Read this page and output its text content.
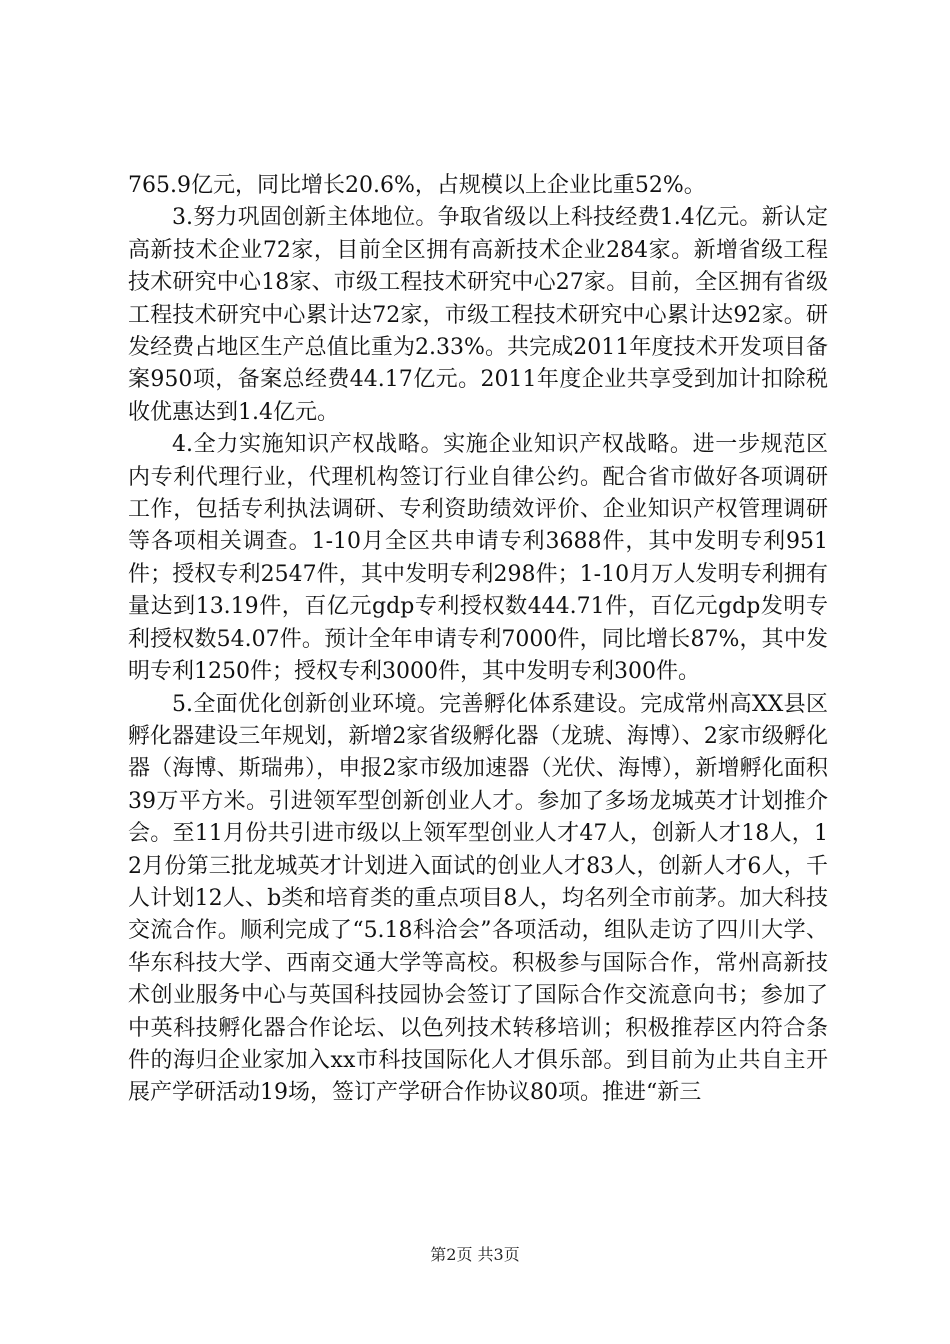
765.9亿元，同比增长20.6%，占规模以上企业比重52%。

3.努力巩固创新主体地位。争取省级以上科技经费1.4亿元。新认定高新技术企业72家，目前全区拥有高新技术企业284家。新增省级工程技术研究中心18家、市级工程技术研究中心27家。目前，全区拥有省级工程技术研究中心累计达72家，市级工程技术研究中心累计达92家。研发经费占地区生产总值比重为2.33%。共完成2011年度技术开发项目备案950项，备案总经费44.17亿元。2011年度企业共享受到加计扣除税收优惠达到1.4亿元。

4.全力实施知识产权战略。实施企业知识产权战略。进一步规范区内专利代理行业，代理机构签订行业自律公约。配合省市做好各项调研工作，包括专利执法调研、专利资助绩效评价、企业知识产权管理调研等各项相关调查。1-10月全区共申请专利3688件，其中发明专利951件；授权专利2547件，其中发明专利298件；1-10月万人发明专利拥有量达到13.19件，百亿元gdp专利授权数444.71件，百亿元gdp发明专利授权数54.07件。预计全年申请专利7000件，同比增长87%，其中发明专利1250件；授权专利3000件，其中发明专利300件。

5.全面优化创新创业环境。完善孵化体系建设。完成常州高XX县区孵化器建设三年规划，新增2家省级孵化器（龙琥、海博）、2家市级孵化器（海博、斯瑞弗），申报2家市级加速器（光伏、海博），新增孵化面积39万平方米。引进领军型创新创业人才。参加了多场龙城英才计划推介会。至11月份共引进市级以上领军型创业人才47人，创新人才18人，12月份第三批龙城英才计划进入面试的创业人才83人，创新人才6人，千人计划12人、b类和培育类的重点项目8人，均名列全市前茅。加大科技交流合作。顺利完成了“5.18科洽会”各项活动，组队走访了四川大学、华东科技大学、西南交通大学等高校。积极参与国际合作，常州高新技术创业服务中心与英国科技园协会签订了国际合作交流意向书；参加了中英科技孵化器合作论坛、以色列技术转移培训；积极推荐区内符合条件的海归企业家加入xx市科技国际化人才俱乐部。到目前为止共自主开展产学研活动19场，签订产学研合作协议80项。推进“新三

第2页 共3页
